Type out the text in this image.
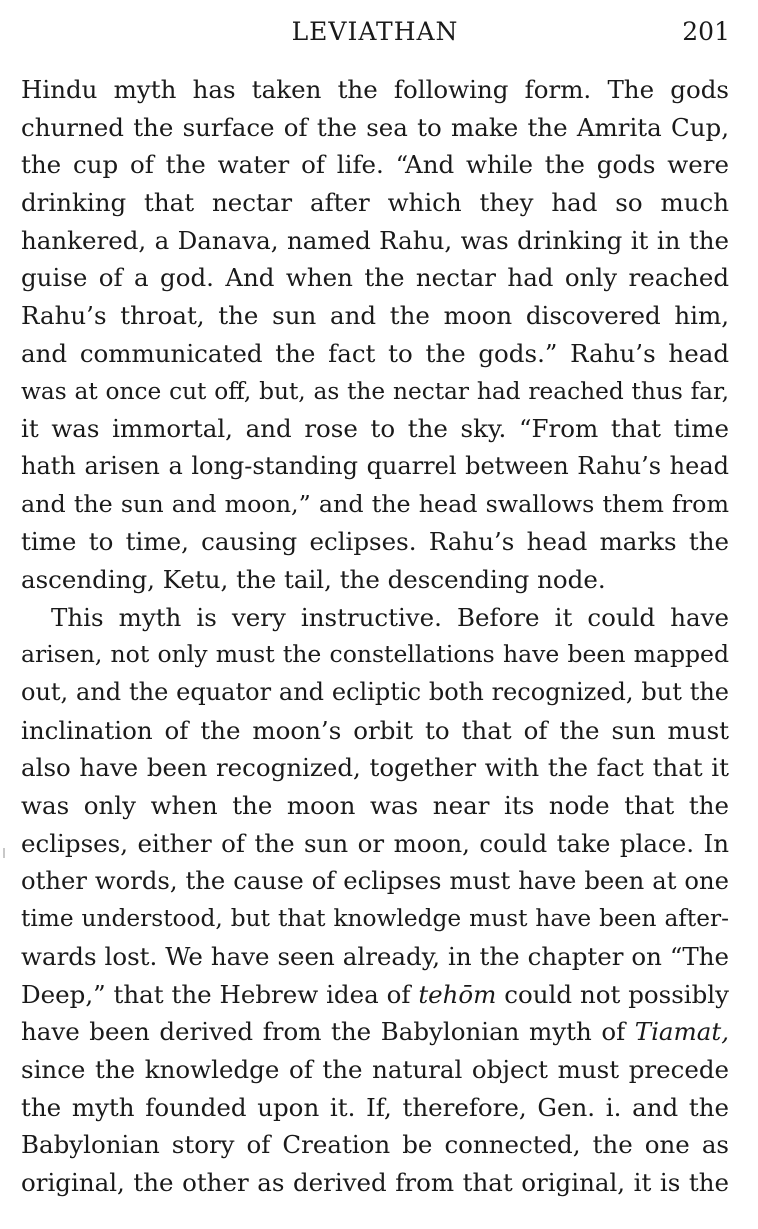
LEVIATHAN	201
Hindu myth has taken the following form. The gods
churned the surface of the sea to make the Amrita Cup,
the cup of the water of life. “And while the gods were
drinking that nectar after which they had so much
hankered, a Danava, named Rahu, was drinking it in the
guise of a god. And when the nectar had only reached
Rahu’s throat, the sun and the moon discovered him,
and communicated the fact to the gods.” Rahu’s head
was at once cut off, but, as the nectar had reached thus far,
it was immortal, and rose to the sky. “From that time
hath arisen a long-standing quarrel between Rahu’s head
and the sun and moon,” and the head swallows them from
time to time, causing eclipses. Rahu’s head marks the
ascending, Ketu, the tail, the descending node.
This myth is very instructive. Before it could have
arisen, not only must the constellations have been mapped
out, and the equator and ecliptic both recognized, but the
inclination of the moon’s orbit to that of the sun must
also have been recognized, together with the fact that it
was only when the moon was near its node that the
eclipses, either of the sun or moon, could take place. In
other words, the cause of eclipses must have been at one
time understood, but that knowledge must have been after-
wards lost. We have seen already, in the chapter on “The
Deep,” that the Hebrew idea of tehōm could not possibly
have been derived from the Babylonian myth of Tiamat,
since the knowledge of the natural object must precede
the myth founded upon it. If, therefore, Gen. i. and the
Babylonian story of Creation be connected, the one as
original, the other as derived from that original, it is the
